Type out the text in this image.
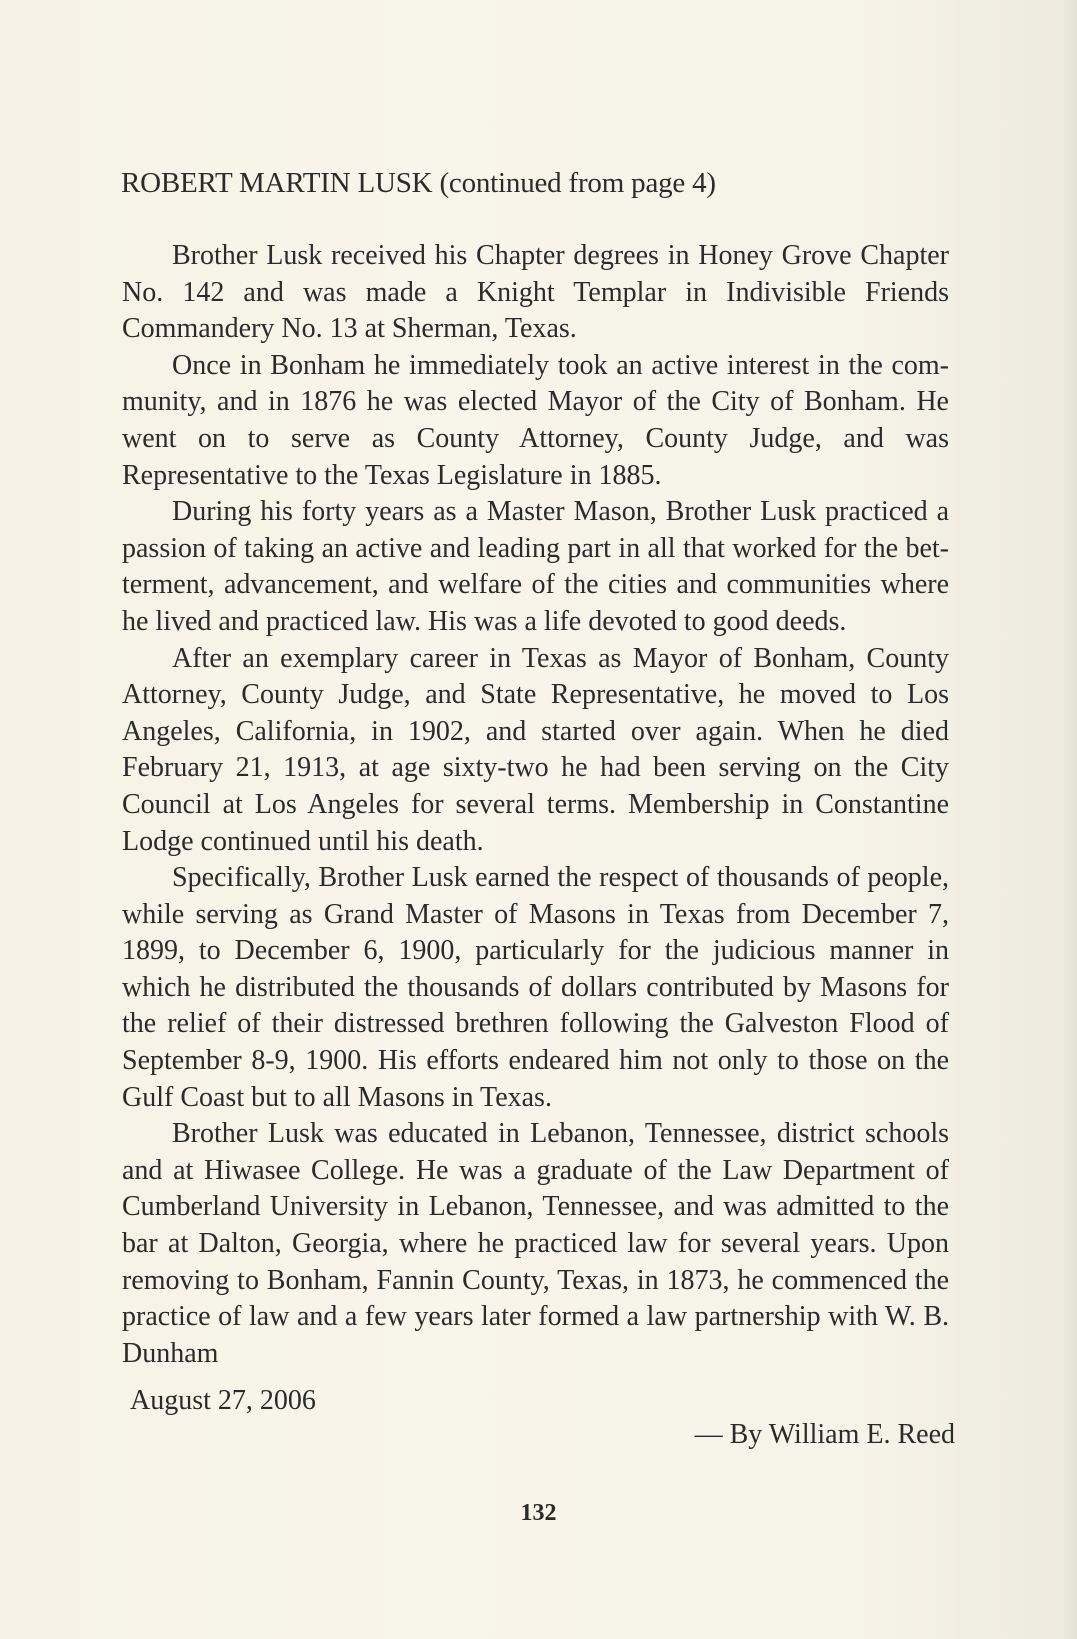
ROBERT MARTIN LUSK (continued from page 4)

Brother Lusk received his Chapter degrees in Honey Grove Chapter No. 142 and was made a Knight Templar in Indivisible Friends Commandery No. 13 at Sherman, Texas.

Once in Bonham he immediately took an active interest in the community, and in 1876 he was elected Mayor of the City of Bonham. He went on to serve as County Attorney, County Judge, and was Representative to the Texas Legislature in 1885.

During his forty years as a Master Mason, Brother Lusk practiced a passion of taking an active and leading part in all that worked for the betterment, advancement, and welfare of the cities and communities where he lived and practiced law. His was a life devoted to good deeds.

After an exemplary career in Texas as Mayor of Bonham, County Attorney, County Judge, and State Representative, he moved to Los Angeles, California, in 1902, and started over again. When he died February 21, 1913, at age sixty-two he had been serving on the City Council at Los Angeles for several terms. Membership in Constantine Lodge continued until his death.

Specifically, Brother Lusk earned the respect of thousands of people, while serving as Grand Master of Masons in Texas from December 7, 1899, to December 6, 1900, particularly for the judicious manner in which he distributed the thousands of dollars contributed by Masons for the relief of their distressed brethren following the Galveston Flood of September 8-9, 1900. His efforts endeared him not only to those on the Gulf Coast but to all Masons in Texas.

Brother Lusk was educated in Lebanon, Tennessee, district schools and at Hiwasee College. He was a graduate of the Law Department of Cumberland University in Lebanon, Tennessee, and was admitted to the bar at Dalton, Georgia, where he practiced law for several years. Upon removing to Bonham, Fannin County, Texas, in 1873, he commenced the practice of law and a few years later formed a law partnership with W. B. Dunham

August 27, 2006
— By William E. Reed
132
